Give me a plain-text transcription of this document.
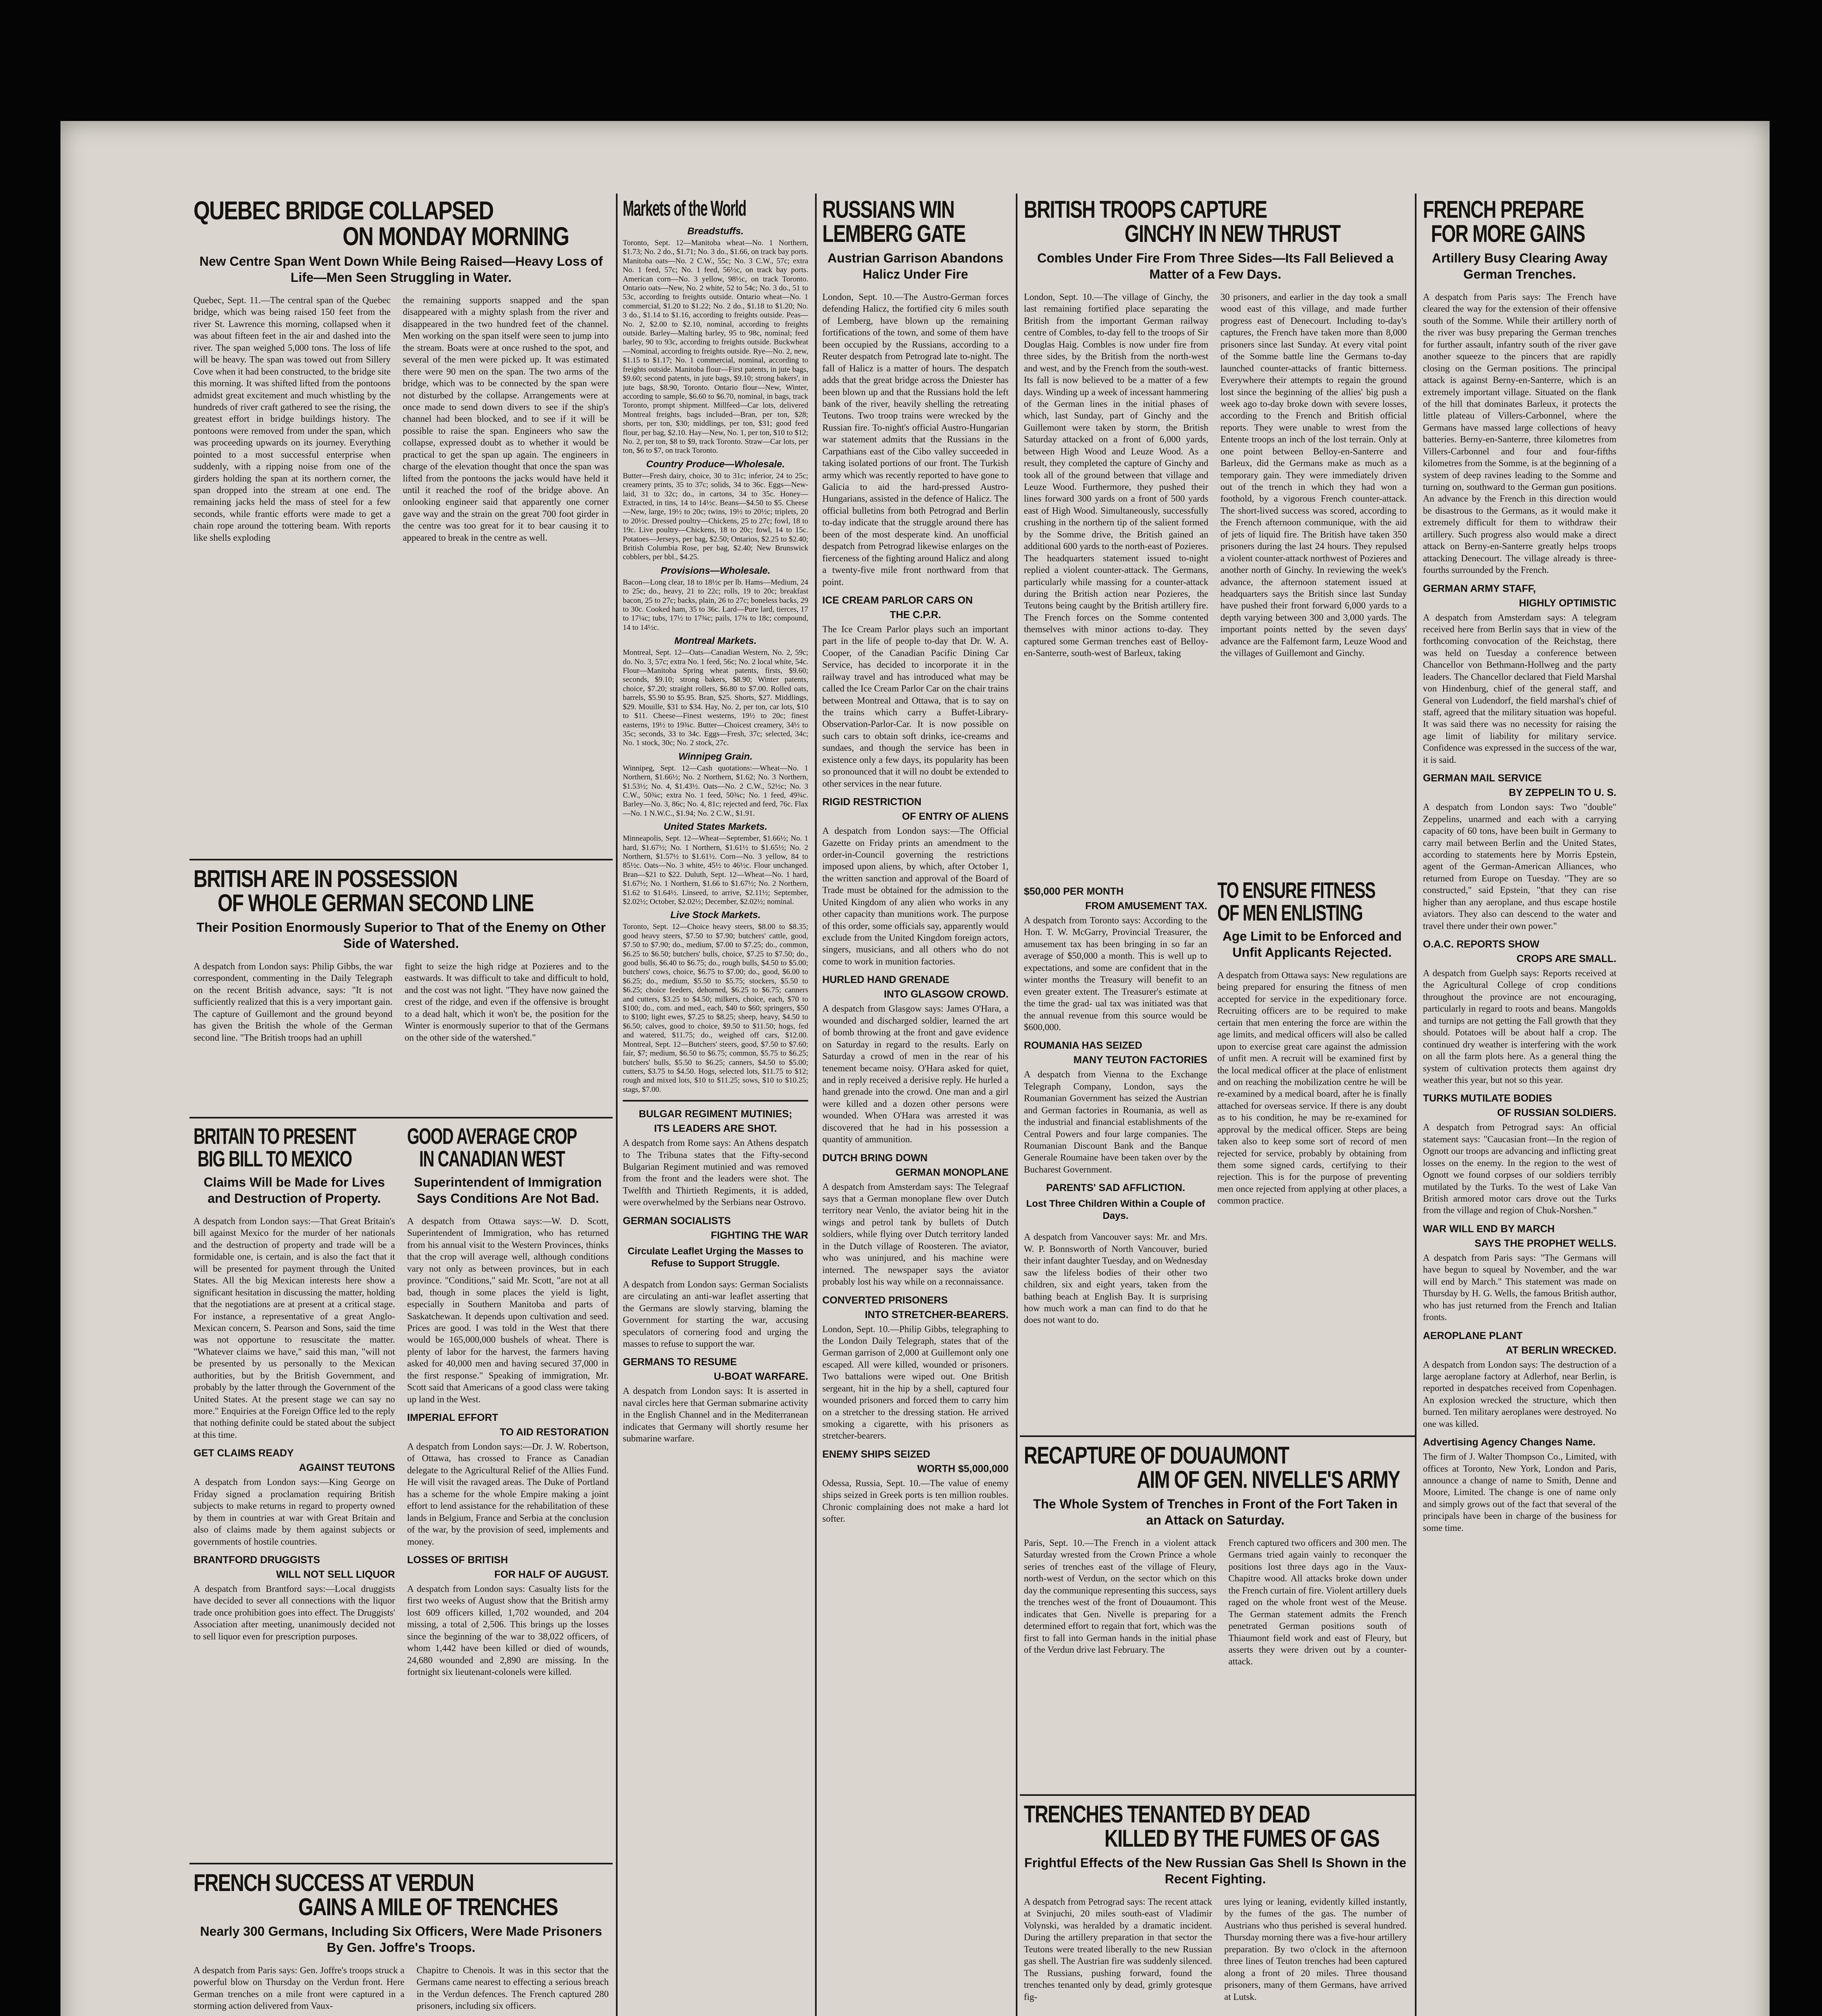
QUEBEC BRIDGE COLLAPSED
ON MONDAY MORNING
New Centre Span Went Down While Being Raised—Heavy Loss of Life—Men Seen Struggling in Water.

Quebec, Sept. 11.—The central span of the Quebec bridge, which was being raised 150 feet from the river St. Lawrence this morning, collapsed when it was about fifteen feet in the air and dashed into the river. The span weighed 5,000 tons. The loss of life will be heavy. The span was towed out from Sillery Cove when it had been constructed, to the bridge site this morning. It was shifted lifted from the pontoons admidst great excitement and much whistling by the hundreds of river craft gathered to see the rising, the greatest effort in bridge buildings history. The pontoons were removed from under the span, which was proceeding upwards on its journey. Everything pointed to a most successful enterprise when suddenly, with a ripping noise from one of the girders holding the span at its northern corner, the span dropped into the stream at one end. The remaining jacks held the mass of steel for a few seconds, while frantic efforts were made to get a chain rope around the tottering beam. With reports like shells exploding

the remaining supports snapped and the span disappeared with a mighty splash from the river and disappeared in the two hundred feet of the channel. Men working on the span itself were seen to jump into the stream. Boats were at once rushed to the spot, and several of the men were picked up. It was estimated there were 90 men on the span. The two arms of the bridge, which was to be connected by the span were not disturbed by the collapse. Arrangements were at once made to send down divers to see if the ship's channel had been blocked, and to see if it will be possible to raise the span. Engineers who saw the collapse, expressed doubt as to whether it would be practical to get the span up again. The engineers in charge of the elevation thought that once the span was lifted from the pontoons the jacks would have held it until it reached the roof of the bridge above. An onlooking engineer said that apparently one corner gave way and the strain on the great 700 foot girder in the centre was too great for it to bear causing it to appeared to break in the centre as well.

BRITISH ARE IN POSSESSION
OF WHOLE GERMAN SECOND LINE
Their Position Enormously Superior to That of the Enemy on Other Side of Watershed.

A despatch from London says: Philip Gibbs, the war correspondent, commenting in the Daily Telegraph on the recent British advance, says: "It is not sufficiently realized that this is a very important gain. The capture of Guillemont and the ground beyond has given the British the whole of the German second line. "The British troops had an uphill

fight to seize the high ridge at Pozieres and to the eastwards. It was difficult to take and difficult to hold, and the cost was not light. "They have now gained the crest of the ridge, and even if the offensive is brought to a dead halt, which it won't be, the position for the Winter is enormously superior to that of the Germans on the other side of the watershed."

BRITAIN TO PRESENT
BIG BILL TO MEXICO
Claims Will be Made for Lives and Destruction of Property.

A despatch from London says:—That Great Britain's bill against Mexico for the murder of her nationals and the destruction of property and trade will be a formidable one, is certain, and is also the fact that it will be presented for payment through the United States. All the big Mexican interests here show a significant hesitation in discussing the matter, holding that the negotiations are at present at a critical stage. For instance, a representative of a great Anglo-Mexican concern, S. Pearson and Sons, said the time was not opportune to resuscitate the matter. "Whatever claims we have," said this man, "will not be presented by us personally to the Mexican authorities, but by the British Government, and probably by the latter through the Government of the United States. At the present stage we can say no more." Enquiries at the Foreign Office led to the reply that nothing definite could be stated about the subject at this time.

GET CLAIMS READY
AGAINST TEUTONS

A despatch from London says:—King George on Friday signed a proclamation requiring British subjects to make returns in regard to property owned by them in countries at war with Great Britain and also of claims made by them against subjects or governments of hostile countries.

BRANTFORD DRUGGISTS
WILL NOT SELL LIQUOR

A despatch from Brantford says:—Local druggists have decided to sever all connections with the liquor trade once prohibition goes into effect. The Druggists' Association after meeting, unanimously decided not to sell liquor even for prescription purposes.

GOOD AVERAGE CROP
IN CANADIAN WEST
Superintendent of Immigration Says Conditions Are Not Bad.

A despatch from Ottawa says:—W. D. Scott, Superintendent of Immigration, who has returned from his annual visit to the Western Provinces, thinks that the crop will average well, although conditions vary not only as between provinces, but in each province. "Conditions," said Mr. Scott, "are not at all bad, though in some places the yield is light, especially in Southern Manitoba and parts of Saskatchewan. It depends upon cultivation and seed. Prices are good. I was told in the West that there would be 165,000,000 bushels of wheat. There is plenty of labor for the harvest, the farmers having asked for 40,000 men and having secured 37,000 in the first response." Speaking of immigration, Mr. Scott said that Americans of a good class were taking up land in the West.

IMPERIAL EFFORT
TO AID RESTORATION

A despatch from London says:—Dr. J. W. Robertson, of Ottawa, has crossed to France as Canadian delegate to the Agricultural Relief of the Allies Fund. He will visit the ravaged areas. The Duke of Portland has a scheme for the whole Empire making a joint effort to lend assistance for the rehabilitation of these lands in Belgium, France and Serbia at the conclusion of the war, by the provision of seed, implements and money.

LOSSES OF BRITISH
FOR HALF OF AUGUST.

A despatch from London says: Casualty lists for the first two weeks of August show that the British army lost 609 officers killed, 1,702 wounded, and 204 missing, a total of 2,506. This brings up the losses since the beginning of the war to 38,022 officers, of whom 1,442 have been killed or died of wounds, 24,680 wounded and 2,890 are missing. In the fortnight six lieutenant-colonels were killed.

FRENCH SUCCESS AT VERDUN
GAINS A MILE OF TRENCHES
Nearly 300 Germans, Including Six Officers, Were Made Prisoners By Gen. Joffre's Troops.

A despatch from Paris says: Gen. Joffre's troops struck a powerful blow on Thursday on the Verdun front. Here German trenches on a mile front were captured in a storming action delivered from Vaux-

Chapitre to Chenois. It was in this sector that the Germans came nearest to effecting a serious breach in the Verdun defences. The French captured 280 prisoners, including six officers.

Markets of the World
Breadstuffs.

Toronto, Sept. 12—Manitoba wheat—No. 1 Northern, $1.73; No. 2 do., $1.71; No. 3 do., $1.66, on track bay ports. Manitoba oats—No. 2 C.W., 55c; No. 3 C.W., 57c; extra No. 1 feed, 57c; No. 1 feed, 56½c, on track bay ports. American corn—No. 3 yellow, 98½c, on track Toronto. Ontario oats—New, No. 2 white, 52 to 54c; No. 3 do., 51 to 53c, according to freights outside. Ontario wheat—No. 1 commercial, $1.20 to $1.22; No. 2 do., $1.18 to $1.20; No. 3 do., $1.14 to $1.16, according to freights outside. Peas—No. 2, $2.00 to $2.10, nominal, according to freights outside. Barley—Malting barley, 95 to 98c, nominal; feed barley, 90 to 93c, according to freights outside. Buckwheat—Nominal, according to freights outside. Rye—No. 2, new, $1.15 to $1.17; No. 1 commercial, nominal, according to freights outside. Manitoba flour—First patents, in jute bags, $9.60; second patents, in jute bags, $9.10; strong bakers', in jute bags, $8.90, Toronto. Ontario flour—New, Winter, according to sample, $6.60 to $6.70, nominal, in bags, track Toronto, prompt shipment. Millfeed—Car lots, delivered Montreal freights, bags included—Bran, per ton, $28; shorts, per ton, $30; middlings, per ton, $31; good feed flour, per bag, $2.10. Hay—New, No. 1, per ton, $10 to $12; No. 2, per ton, $8 to $9, track Toronto. Straw—Car lots, per ton, $6 to $7, on track Toronto.

Country Produce—Wholesale.

Butter—Fresh dairy, choice, 30 to 31c; inferior, 24 to 25c; creamery prints, 35 to 37c; solids, 34 to 36c. Eggs—New-laid, 31 to 32c; do., in cartons, 34 to 35c. Honey—Extracted, in tins, 14 to 14½c. Beans—$4.50 to $5. Cheese—New, large, 19½ to 20c; twins, 19½ to 20½c; triplets, 20 to 20½c. Dressed poultry—Chickens, 25 to 27c; fowl, 18 to 19c. Live poultry—Chickens, 18 to 20c; fowl, 14 to 15c. Potatoes—Jerseys, per bag, $2.50; Ontarios, $2.25 to $2.40; British Columbia Rose, per bag, $2.40; New Brunswick cobblers, per bbl., $4.25.

Provisions—Wholesale.

Bacon—Long clear, 18 to 18½c per lb. Hams—Medium, 24 to 25c; do., heavy, 21 to 22c; rolls, 19 to 20c; breakfast bacon, 25 to 27c; backs, plain, 26 to 27c; boneless backs, 29 to 30c. Cooked ham, 35 to 36c. Lard—Pure lard, tierces, 17 to 17¼c; tubs, 17½ to 17¾c; pails, 17¾ to 18c; compound, 14 to 14½c.

Montreal Markets.

Montreal, Sept. 12—Oats—Canadian Western, No. 2, 59c; do. No. 3, 57c; extra No. 1 feed, 56c; No. 2 local white, 54c. Flour—Manitoba Spring wheat patents, firsts, $9.60; seconds, $9.10; strong bakers, $8.90; Winter patents, choice, $7.20; straight rollers, $6.80 to $7.00. Rolled oats, barrels, $5.90 to $5.95. Bran, $25. Shorts, $27. Middlings, $29. Mouille, $31 to $34. Hay, No. 2, per ton, car lots, $10 to $11. Cheese—Finest westerns, 19½ to 20c; finest easterns, 19½ to 19¾c. Butter—Choicest creamery, 34½ to 35c; seconds, 33 to 34c. Eggs—Fresh, 37c; selected, 34c; No. 1 stock, 30c; No. 2 stock, 27c.

Winnipeg Grain.

Winnipeg, Sept. 12—Cash quotations:—Wheat—No. 1 Northern, $1.66½; No. 2 Northern, $1.62; No. 3 Northern, $1.53½; No. 4, $1.43½. Oats—No. 2 C.W., 52½c; No. 3 C.W., 50¾c; extra No. 1 feed, 50¾c; No. 1 feed, 49¾c. Barley—No. 3, 86c; No. 4, 81c; rejected and feed, 76c. Flax—No. 1 N.W.C., $1.94; No. 2 C.W., $1.91.

United States Markets.

Minneapolis, Sept. 12—Wheat—September, $1.66½; No. 1 hard, $1.67½; No. 1 Northern, $1.61½ to $1.65½; No. 2 Northern, $1.57½ to $1.61½. Corn—No. 3 yellow, 84 to 85½c. Oats—No. 3 white, 45½ to 46½c. Flour unchanged. Bran—$21 to $22. Duluth, Sept. 12—Wheat—No. 1 hard, $1.67½; No. 1 Northern, $1.66 to $1.67½; No. 2 Northern, $1.62 to $1.64½. Linseed, to arrive, $2.11½; September, $2.02½; October, $2.02½; December, $2.02½; nominal.

Live Stock Markets.

Toronto, Sept. 12—Choice heavy steers, $8.00 to $8.35; good heavy steers, $7.50 to $7.90; butchers' cattle, good, $7.50 to $7.90; do., medium, $7.00 to $7.25; do., common, $6.25 to $6.50; butchers' bulls, choice, $7.25 to $7.50; do., good bulls, $6.40 to $6.75; do., rough bulls, $4.50 to $5.00; butchers' cows, choice, $6.75 to $7.00; do., good, $6.00 to $6.25; do., medium, $5.50 to $5.75; stockers, $5.50 to $6.25; choice feeders, dehorned, $6.25 to $6.75; canners and cutters, $3.25 to $4.50; milkers, choice, each, $70 to $100; do., com. and med., each, $40 to $60; springers, $50 to $100; light ewes, $7.25 to $8.25; sheep, heavy, $4.50 to $6.50; calves, good to choice, $9.50 to $11.50; hogs, fed and watered, $11.75; do., weighed off cars, $12.00. Montreal, Sept. 12—Butchers' steers, good, $7.50 to $7.60; fair, $7; medium, $6.50 to $6.75; common, $5.75 to $6.25; butchers' bulls, $5.50 to $6.25; canners, $4.50 to $5.00; cutters, $3.75 to $4.50. Hogs, selected lots, $11.75 to $12; rough and mixed lots, $10 to $11.25; sows, $10 to $10.25; stags, $7.00.

BULGAR REGIMENT MUTINIES;
ITS LEADERS ARE SHOT.

A despatch from Rome says: An Athens despatch to The Tribuna states that the Fifty-second Bulgarian Regiment mutinied and was removed from the front and the leaders were shot. The Twelfth and Thirtieth Regiments, it is added, were overwhelmed by the Serbians near Ostrovo.

GERMAN SOCIALISTS
FIGHTING THE WAR
Circulate Leaflet Urging the Masses to Refuse to Support Struggle.

A despatch from London says: German Socialists are circulating an anti-war leaflet asserting that the Germans are slowly starving, blaming the Government for starting the war, accusing speculators of cornering food and urging the masses to refuse to support the war.

GERMANS TO RESUME
U-BOAT WARFARE.

A despatch from London says: It is asserted in naval circles here that German submarine activity in the English Channel and in the Mediterranean indicates that Germany will shortly resume her submarine warfare.

RUSSIANS WIN
LEMBERG GATE
Austrian Garrison Abandons Halicz Under Fire

London, Sept. 10.—The Austro-German forces defending Halicz, the fortified city 6 miles south of Lemberg, have blown up the remaining fortifications of the town, and some of them have been occupied by the Russians, according to a Reuter despatch from Petrograd late to-night. The fall of Halicz is a matter of hours. The despatch adds that the great bridge across the Dniester has been blown up and that the Russians hold the left bank of the river, heavily shelling the retreating Teutons. Two troop trains were wrecked by the Russian fire. To-night's official Austro-Hungarian war statement admits that the Russians in the Carpathians east of the Cibo valley succeeded in taking isolated portions of our front. The Turkish army which was recently reported to have gone to Galicia to aid the hard-pressed Austro-Hungarians, assisted in the defence of Halicz. The official bulletins from both Petrograd and Berlin to-day indicate that the struggle around there has been of the most desperate kind. An unofficial despatch from Petrograd likewise enlarges on the fierceness of the fighting around Halicz and along a twenty-five mile front northward from that point.

ICE CREAM PARLOR CARS ON
THE C.P.R.

The Ice Cream Parlor plays such an important part in the life of people to-day that Dr. W. A. Cooper, of the Canadian Pacific Dining Car Service, has decided to incorporate it in the railway travel and has introduced what may be called the Ice Cream Parlor Car on the chair trains between Montreal and Ottawa, that is to say on the trains which carry a Buffet-Library-Observation-Parlor-Car. It is now possible on such cars to obtain soft drinks, ice-creams and sundaes, and though the service has been in existence only a few days, its popularity has been so pronounced that it will no doubt be extended to other services in the near future.

RIGID RESTRICTION
OF ENTRY OF ALIENS

A despatch from London says:—The Official Gazette on Friday prints an amendment to the order-in-Council governing the restrictions imposed upon aliens, by which, after October 1, the written sanction and approval of the Board of Trade must be obtained for the admission to the United Kingdom of any alien who works in any other capacity than munitions work. The purpose of this order, some officials say, apparently would exclude from the United Kingdom foreign actors, singers, musicians, and all others who do not come to work in munition factories.

HURLED HAND GRENADE
INTO GLASGOW CROWD.

A despatch from Glasgow says: James O'Hara, a wounded and discharged soldier, learned the art of bomb throwing at the front and gave evidence on Saturday in regard to the results. Early on Saturday a crowd of men in the rear of his tenement became noisy. O'Hara asked for quiet, and in reply received a derisive reply. He hurled a hand grenade into the crowd. One man and a girl were killed and a dozen other persons were wounded. When O'Hara was arrested it was discovered that he had in his possession a quantity of ammunition.

DUTCH BRING DOWN
GERMAN MONOPLANE

A despatch from Amsterdam says: The Telegraaf says that a German monoplane flew over Dutch territory near Venlo, the aviator being hit in the wings and petrol tank by bullets of Dutch soldiers, while flying over Dutch territory landed in the Dutch village of Roosteren. The aviator, who was uninjured, and his machine were interned. The newspaper says the aviator probably lost his way while on a reconnaissance.

CONVERTED PRISONERS
INTO STRETCHER-BEARERS.

London, Sept. 10.—Philip Gibbs, telegraphing to the London Daily Telegraph, states that of the German garrison of 2,000 at Guillemont only one escaped. All were killed, wounded or prisoners. Two battalions were wiped out. One British sergeant, hit in the hip by a shell, captured four wounded prisoners and forced them to carry him on a stretcher to the dressing station. He arrived smoking a cigarette, with his prisoners as stretcher-bearers.

ENEMY SHIPS SEIZED
WORTH $5,000,000

Odessa, Russia, Sept. 10.—The value of enemy ships seized in Greek ports is ten million roubles. Chronic complaining does not make a hard lot softer.

BRITISH TROOPS CAPTURE
GINCHY IN NEW THRUST
Combles Under Fire From Three Sides—Its Fall Believed a Matter of a Few Days.

London, Sept. 10.—The village of Ginchy, the last remaining fortified place separating the British from the important German railway centre of Combles, to-day fell to the troops of Sir Douglas Haig. Combles is now under fire from three sides, by the British from the north-west and west, and by the French from the south-west. Its fall is now believed to be a matter of a few days. Winding up a week of incessant hammering of the German lines in the initial phases of which, last Sunday, part of Ginchy and the Guillemont were taken by storm, the British Saturday attacked on a front of 6,000 yards, between High Wood and Leuze Wood. As a result, they completed the capture of Ginchy and took all of the ground between that village and Leuze Wood. Furthermore, they pushed their lines forward 300 yards on a front of 500 yards east of High Wood. Simultaneously, successfully crushing in the northern tip of the salient formed by the Somme drive, the British gained an additional 600 yards to the north-east of Pozieres. The headquarters statement issued to-night replied a violent counter-attack. The Germans, particularly while massing for a counter-attack during the British action near Pozieres, the Teutons being caught by the British artillery fire. The French forces on the Somme contented themselves with minor actions to-day. They captured some German trenches east of Belloy-en-Santerre, south-west of Barleux, taking

30 prisoners, and earlier in the day took a small wood east of this village, and made further progress east of Denecourt. Including to-day's captures, the French have taken more than 8,000 prisoners since last Sunday. At every vital point of the Somme battle line the Germans to-day launched counter-attacks of frantic bitterness. Everywhere their attempts to regain the ground lost since the beginning of the allies' big push a week ago to-day broke down with severe losses, according to the French and British official reports. They were unable to wrest from the Entente troops an inch of the lost terrain. Only at one point between Belloy-en-Santerre and Barleux, did the Germans make as much as a temporary gain. They were immediately driven out of the trench in which they had won a foothold, by a vigorous French counter-attack. The short-lived success was scored, according to the French afternoon communique, with the aid of jets of liquid fire. The British have taken 350 prisoners during the last 24 hours. They repulsed a violent counter-attack northwest of Pozieres and another north of Ginchy. In reviewing the week's advance, the afternoon statement issued at headquarters says the British since last Sunday have pushed their front forward 6,000 yards to a depth varying between 300 and 3,000 yards. The important points netted by the seven days' advance are the Falfemont farm, Leuze Wood and the villages of Guillemont and Ginchy.

$50,000 PER MONTH
FROM AMUSEMENT TAX.

A despatch from Toronto says: According to the Hon. T. W. McGarry, Provincial Treasurer, the amusement tax has been bringing in so far an average of $50,000 a month. This is well up to expectations, and some are confident that in the winter months the Treasury will benefit to an even greater extent. The Treasurer's estimate at the time the grad- ual tax was initiated was that the annual revenue from this source would be $600,000.

ROUMANIA HAS SEIZED
MANY TEUTON FACTORIES

A despatch from Vienna to the Exchange Telegraph Company, London, says the Roumanian Government has seized the Austrian and German factories in Roumania, as well as the industrial and financial establishments of the Central Powers and four large companies. The Roumanian Discount Bank and the Banque Generale Roumaine have been taken over by the Bucharest Government.

PARENTS' SAD AFFLICTION.
Lost Three Children Within a Couple of Days.

A despatch from Vancouver says: Mr. and Mrs. W. P. Bonnsworth of North Vancouver, buried their infant daughter Tuesday, and on Wednesday saw the lifeless bodies of their other two children, six and eight years, taken from the bathing beach at English Bay. It is surprising how much work a man can find to do that he does not want to do.

TO ENSURE FITNESS
OF MEN ENLISTING
Age Limit to be Enforced and Unfit Applicants Rejected.

A despatch from Ottawa says: New regulations are being prepared for ensuring the fitness of men accepted for service in the expeditionary force. Recruiting officers are to be required to make certain that men entering the force are within the age limits, and medical officers will also be called upon to exercise great care against the admission of unfit men. A recruit will be examined first by the local medical officer at the place of enlistment and on reaching the mobilization centre he will be re-examined by a medical board, after he is finally attached for overseas service. If there is any doubt as to his condition, he may be re-examined for approval by the medical officer. Steps are being taken also to keep some sort of record of men rejected for service, probably by obtaining from them some signed cards, certifying to their rejection. This is for the purpose of preventing men once rejected from applying at other places, a common practice.

RECAPTURE OF DOUAUMONT
AIM OF GEN. NIVELLE'S ARMY
The Whole System of Trenches in Front of the Fort Taken in an Attack on Saturday.

Paris, Sept. 10.—The French in a violent attack Saturday wrested from the Crown Prince a whole series of trenches east of the village of Fleury, north-west of Verdun, on the sector which on this day the communique representing this success, says the trenches west of the front of Douaumont. This indicates that Gen. Nivelle is preparing for a determined effort to regain that fort, which was the first to fall into German hands in the initial phase of the Verdun drive last February. The

French captured two officers and 300 men. The Germans tried again vainly to reconquer the positions lost three days ago in the Vaux-Chapitre wood. All attacks broke down under the French curtain of fire. Violent artillery duels raged on the whole front west of the Meuse. The German statement admits the French penetrated German positions south of Thiaumont field work and east of Fleury, but asserts they were driven out by a counter-attack.

TRENCHES TENANTED BY DEAD
KILLED BY THE FUMES OF GAS
Frightful Effects of the New Russian Gas Shell Is Shown in the Recent Fighting.

A despatch from Petrograd says: The recent attack at Svinjuchi, 20 miles south-east of Vladimir Volynski, was heralded by a dramatic incident. During the artillery preparation in that sector the Teutons were treated liberally to the new Russian gas shell. The Austrian fire was suddenly silenced. The Russians, pushing forward, found the trenches tenanted only by dead, grimly grotesque fig-

ures lying or leaning, evidently killed instantly, by the fumes of the gas. The number of Austrians who thus perished is several hundred. Thursday morning there was a five-hour artillery preparation. By two o'clock in the afternoon three lines of Teuton trenches had been captured along a front of 20 miles. Three thousand prisoners, many of them Germans, have arrived at Lutsk.

FRENCH PREPARE
FOR MORE GAINS
Artillery Busy Clearing Away German Trenches.

A despatch from Paris says: The French have cleared the way for the extension of their offensive south of the Somme. While their artillery north of the river was busy preparing the German trenches for further assault, infantry south of the river gave another squeeze to the pincers that are rapidly closing on the German positions. The principal attack is against Berny-en-Santerre, which is an extremely important village. Situated on the flank of the hill that dominates Barleux, it protects the little plateau of Villers-Carbonnel, where the Germans have massed large collections of heavy batteries. Berny-en-Santerre, three kilometres from Villers-Carbonnel and four and four-fifths kilometres from the Somme, is at the beginning of a system of deep ravines leading to the Somme and turning on, southward to the German gun positions. An advance by the French in this direction would be disastrous to the Germans, as it would make it extremely difficult for them to withdraw their artillery. Such progress also would make a direct attack on Berny-en-Santerre greatly helps troops attacking Denecourt. The village already is three-fourths surrounded by the French.

GERMAN ARMY STAFF,
HIGHLY OPTIMISTIC

A despatch from Amsterdam says: A telegram received here from Berlin says that in view of the forthcoming convocation of the Reichstag, there was held on Tuesday a conference between Chancellor von Bethmann-Hollweg and the party leaders. The Chancellor declared that Field Marshal von Hindenburg, chief of the general staff, and General von Ludendorf, the field marshal's chief of staff, agreed that the military situation was hopeful. It was said there was no necessity for raising the age limit of liability for military service. Confidence was expressed in the success of the war, it is said.

GERMAN MAIL SERVICE
BY ZEPPELIN TO U. S.

A despatch from London says: Two "double" Zeppelins, unarmed and each with a carrying capacity of 60 tons, have been built in Germany to carry mail between Berlin and the United States, according to statements here by Morris Epstein, agent of the German-American Alliances, who returned from Europe on Tuesday. "They are so constructed," said Epstein, "that they can rise higher than any aeroplane, and thus escape hostile aviators. They also can descend to the water and travel there under their own power."

O.A.C. REPORTS SHOW
CROPS ARE SMALL.

A despatch from Guelph says: Reports received at the Agricultural College of crop conditions throughout the province are not encouraging, particularly in regard to roots and beans. Mangolds and turnips are not getting the Fall growth that they should. Potatoes will be about half a crop. The continued dry weather is interfering with the work on all the farm plots here. As a general thing the system of cultivation protects them against dry weather this year, but not so this year.

TURKS MUTILATE BODIES
OF RUSSIAN SOLDIERS.

A despatch from Petrograd says: An official statement says: "Caucasian front—In the region of Ognott our troops are advancing and inflicting great losses on the enemy. In the region to the west of Ognott we found corpses of our soldiers terribly mutilated by the Turks. To the west of Lake Van British armored motor cars drove out the Turks from the village and region of Chuk-Norshen."

WAR WILL END BY MARCH
SAYS THE PROPHET WELLS.

A despatch from Paris says: "The Germans will have begun to squeal by November, and the war will end by March." This statement was made on Thursday by H. G. Wells, the famous British author, who has just returned from the French and Italian fronts.

AEROPLANE PLANT
AT BERLIN WRECKED.

A despatch from London says: The destruction of a large aeroplane factory at Adlerhof, near Berlin, is reported in despatches received from Copenhagen. An explosion wrecked the structure, which then burned. Ten military aeroplanes were destroyed. No one was killed.

Advertising Agency Changes Name.

The firm of J. Walter Thompson Co., Limited, with offices at Toronto, New York, London and Paris, announce a change of name to Smith, Denne and Moore, Limited. The change is one of name only and simply grows out of the fact that several of the principals have been in charge of the business for some time.
